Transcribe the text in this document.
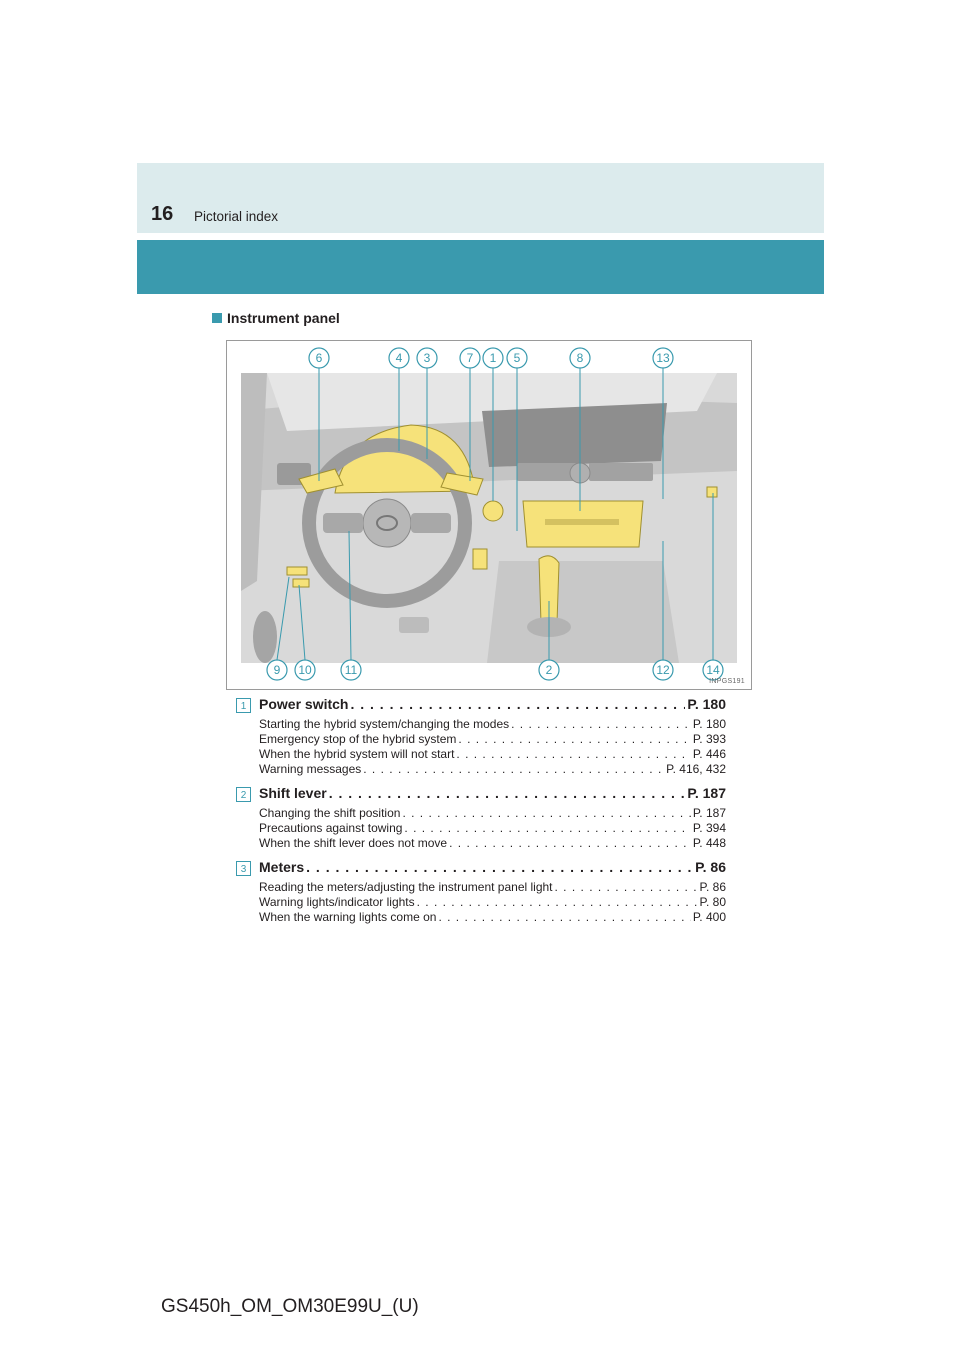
16 Pictorial index
Instrument panel
6	4 3	7 1 5	8	13
9 10	11	2	12	14
INPGS191
1 Power switch . . .	P. 180
Starting the hybrid system/changing the modes . . .	P. 180
Emergency stop of the hybrid system . . .	P. 393
When the hybrid system will not start . . .	P. 446
Warning messages . . .	P. 416, 432
2 Shift lever . . .	P. 187
Changing the shift position . . .	P. 187
Precautions against towing . . .	P. 394
When the shift lever does not move . . .	P. 448
3 Meters . . .	P. 86
Reading the meters/adjusting the instrument panel light . . .	P. 86
Warning lights/indicator lights . . .	P. 80
When the warning lights come on . . .	P. 400
GS450h_OM_OM30E99U_(U)
